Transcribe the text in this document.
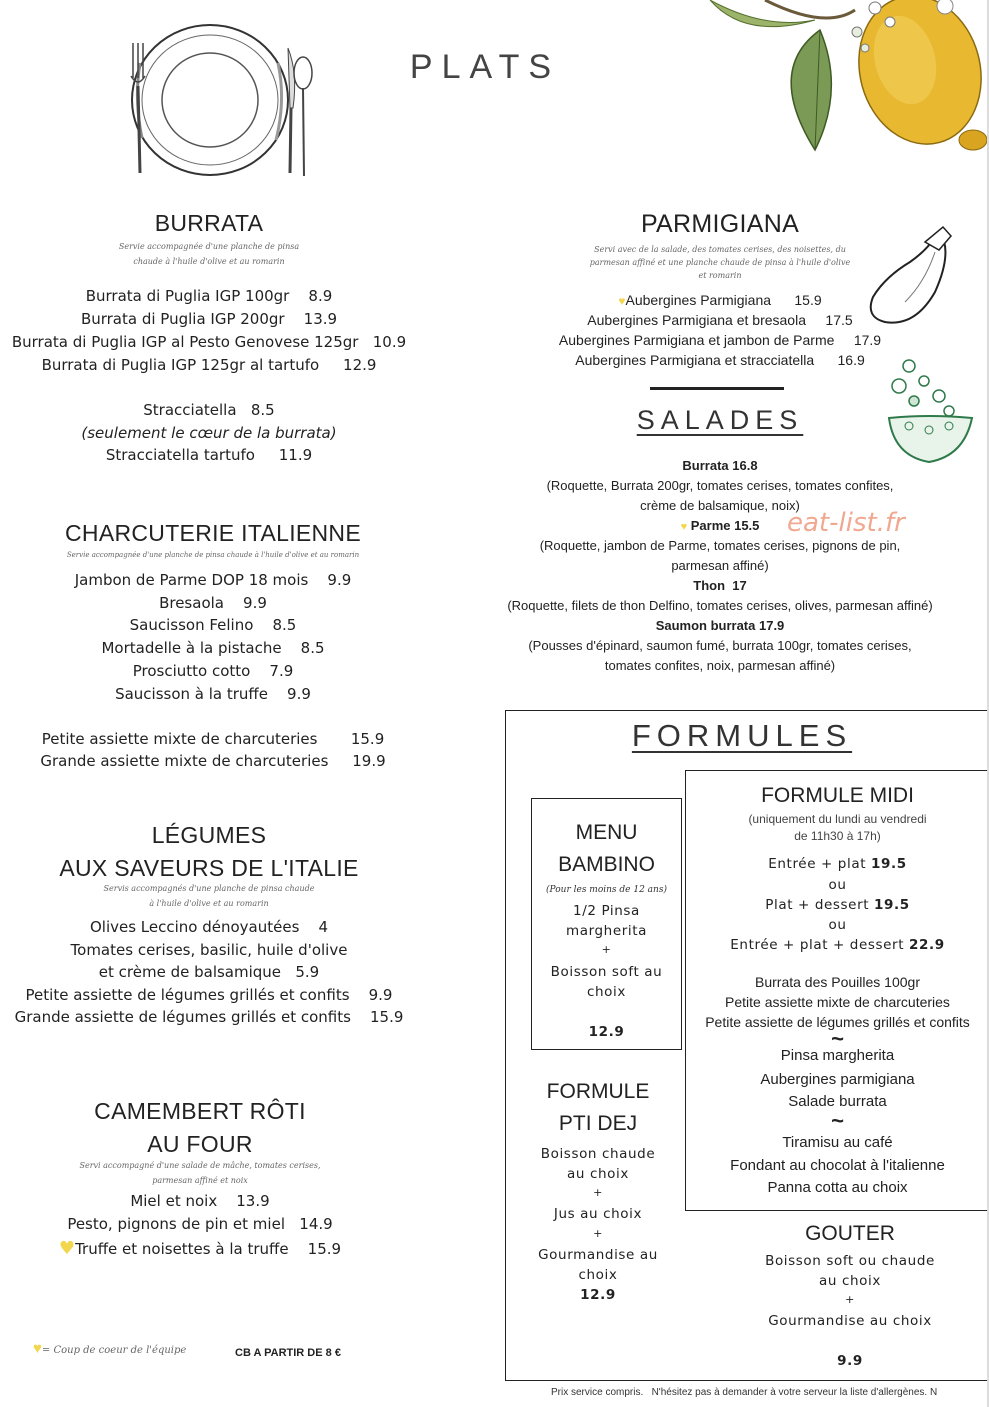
PLATS
BURRATA
Servie accompagnée d'une planche de pinsa
chaude à l'huile d'olive et au romarin
Burrata di Puglia IGP 100gr    8.9
Burrata di Puglia IGP 200gr    13.9
Burrata di Puglia IGP al Pesto Genovese 125gr   10.9
Burrata di Puglia IGP 125gr al tartufo     12.9
Stracciatella   8.5
(seulement le cœur de la burrata)
Stracciatella tartufo     11.9
CHARCUTERIE ITALIENNE
Servie accompagnée d'une planche de pinsa chaude à l'huile d'olive et au romarin
Jambon de Parme DOP 18 mois    9.9
Bresaola    9.9
Saucisson Felino    8.5
Mortadelle à la pistache    8.5
Prosciutto cotto    7.9
Saucisson à la truffe    9.9
Petite assiette mixte de charcuteries       15.9
Grande assiette mixte de charcuteries     19.9
LÉGUMES
AUX SAVEURS DE L'ITALIE
Servis accompagnés d'une planche de pinsa chaude
à l'huile d'olive et au romarin
Olives Leccino dénoyautées    4
Tomates cerises, basilic, huile d'olive
et crème de balsamique   5.9
Petite assiette de légumes grillés et confits    9.9
Grande assiette de légumes grillés et confits    15.9
CAMEMBERT RÔTI
AU FOUR
Servi accompagné d'une salade de mâche, tomates cerises,
parmesan affiné et noix
Miel et noix    13.9
Pesto, pignons de pin et miel   14.9
♥Truffe et noisettes à la truffe    15.9
♥= Coup de coeur de l'équipe	CB A PARTIR DE 8 €
PARMIGIANA
Servi avec de la salade, des tomates cerises, des noisettes, du
parmesan affiné et une planche chaude de pinsa à l'huile d'olive
et romarin
♥Aubergines Parmigiana      15.9
Aubergines Parmigiana et bresaola     17.5
Aubergines Parmigiana et jambon de Parme     17.9
Aubergines Parmigiana et stracciatella      16.9
SALADES
Burrata 16.8
(Roquette, Burrata 200gr, tomates cerises, tomates confites,
crème de balsamique, noix)
♥ Parme 15.5
(Roquette, jambon de Parme, tomates cerises, pignons de pin,
parmesan affiné)
Thon  17
(Roquette, filets de thon Delfino, tomates cerises, olives, parmesan affiné)
Saumon burrata 17.9
(Pousses d'épinard, saumon fumé, burrata 100gr, tomates cerises,
tomates confites, noix, parmesan affiné)
eat-list.fr
FORMULES
MENU
BAMBINO
(Pour les moins de 12 ans)
1/2 Pinsa
margherita
+
Boisson soft au
choix
12.9
FORMULE
PTI DEJ
Boisson chaude
au choix
+
Jus au choix
+
Gourmandise au
choix
12.9
FORMULE MIDI
(uniquement du lundi au vendredi
de 11h30 à 17h)
Entrée + plat 19.5
ou
Plat + dessert 19.5
ou
Entrée + plat + dessert 22.9
Burrata des Pouilles 100gr
Petite assiette mixte de charcuteries
Petite assiette de légumes grillés et confits
~
Pinsa margherita
Aubergines parmigiana
Salade burrata
~
Tiramisu au café
Fondant au chocolat à l'italienne
Panna cotta au choix
GOUTER
Boisson soft ou chaude
au choix
+
Gourmandise au choix
9.9
Prix service compris.   N'hésitez pas à demander à votre serveur la liste d'allergènes. N
